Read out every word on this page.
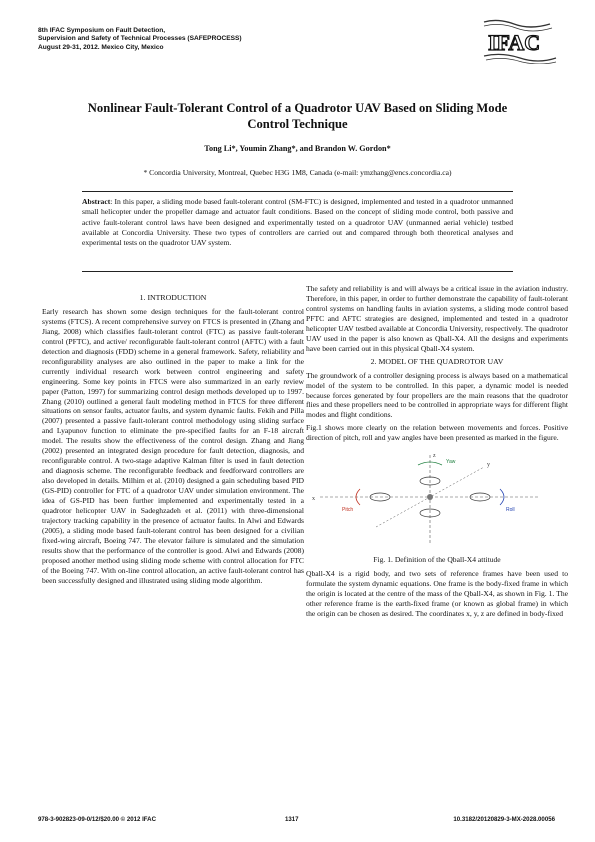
8th IFAC Symposium on Fault Detection,
Supervision and Safety of Technical Processes (SAFEPROCESS)
August 29-31, 2012. Mexico City, Mexico	IFAC
Nonlinear Fault-Tolerant Control of a Quadrotor UAV Based on Sliding Mode
Control Technique
Tong Li*, Youmin Zhang*, and Brandon W. Gordon*
* Concordia University, Montreal, Quebec H3G 1M8, Canada (e-mail: ymzhang@encs.concordia.ca)
Abstract: In this paper, a sliding mode based fault-tolerant control (SM-FTC) is designed, implemented and tested in a quadrotor unmanned small helicopter under the propeller damage and actuator fault conditions. Based on the concept of sliding mode control, both passive and active fault-tolerant control laws have been designed and experimentally tested on a quadrotor UAV (unmanned aerial vehicle) testbed available at Concordia University. These two types of controllers are carried out and compared through both theoretical analyses and experimental tests on the quadrotor UAV system.
1. INTRODUCTION

Early research has shown some design techniques for the fault-tolerant control systems (FTCS). A recent comprehensive survey on FTCS is presented in (Zhang and Jiang, 2008) which classifies fault-tolerant control (FTC) as passive fault-tolerant control (PFTC), and active/ reconfigurable fault-tolerant control (AFTC) with a fault detection and diagnosis (FDD) scheme in a general framework. Safety, reliability and reconfigurability analyses are also outlined in the paper to make a link for the currently individual research work between control engineering and safety engineering. Some key points in FTCS were also summarized in an early review paper (Patton, 1997) for summarizing control design methods developed up to 1997. Zhang (2010) outlined a general fault modeling method in FTCS for three different situations on sensor faults, actuator faults, and system dynamic faults. Fekih and Pilla (2007) presented a passive fault-tolerant control methodology using sliding surface and Lyapunov function to eliminate the pre-specified faults for an F-18 aircraft model. The results show the effectiveness of the control design. Zhang and Jiang (2002) presented an integrated design procedure for fault detection, diagnosis, and reconfigurable control. A two-stage adaptive Kalman filter is used in fault detection and diagnosis scheme. The reconfigurable feedback and feedforward controllers are also developed in details. Milhim et al. (2010) designed a gain scheduling based PID (GS-PID) controller for FTC of a quadrotor UAV under simulation environment. The idea of GS-PID has been further implemented and experimentally tested in a quadrotor helicopter UAV in Sadeghzadeh et al. (2011) with three-dimensional trajectory tracking capability in the presence of actuator faults. In Alwi and Edwards (2005), a sliding mode based fault-tolerant control has been designed for a civilian fixed-wing aircraft, Boeing 747. The elevator failure is simulated and the simulation results show that the performance of the controller is good. Alwi and Edwards (2008) proposed another method using sliding mode scheme with control allocation for FTC of the Boeing 747. With on-line control allocation, an active fault-tolerant control has been successfully designed and illustrated using sliding mode algorithm.

The safety and reliability is and will always be a critical issue in the aviation industry. Therefore, in this paper, in order to further demonstrate the capability of fault-tolerant control systems on handling faults in aviation systems, a sliding mode control based PFTC and AFTC strategies are designed, implemented and tested in a quadrotor helicopter UAV testbed available at Concordia University, respectively. The quadrotor UAV used in the paper is also known as Qball-X4. All the designs and experiments have been carried out in this physical Qball-X4 system.

2. MODEL OF THE QUADROTOR UAV

The groundwork of a controller designing process is always based on a mathematical model of the system to be controlled. In this paper, a dynamic model is needed because forces generated by four propellers are the main reasons that the quadrotor flies and these propellers need to be controlled in appropriate ways for different flight modes and flight conditions.

Fig.1 shows more clearly on the relation between movements and forces. Positive direction of pitch, roll and yaw angles have been presented as marked in the figure.

x
y
z
Pitch	Roll
Yaw
Fig. 1. Definition of the Qball-X4 attitude

Qball-X4 is a rigid body, and two sets of reference frames have been used to formulate the system dynamic equations. One frame is the body-fixed frame in which the origin is located at the centre of the mass of the Qball-X4, as shown in Fig. 1. The other reference frame is the earth-fixed frame (or known as global frame) in which the origin can be chosen as desired. The coordinates x, y, z are defined in body-fixed

978-3-902823-09-0/12/$20.00 © 2012 IFAC	1317	10.3182/20120829-3-MX-2028.00056
